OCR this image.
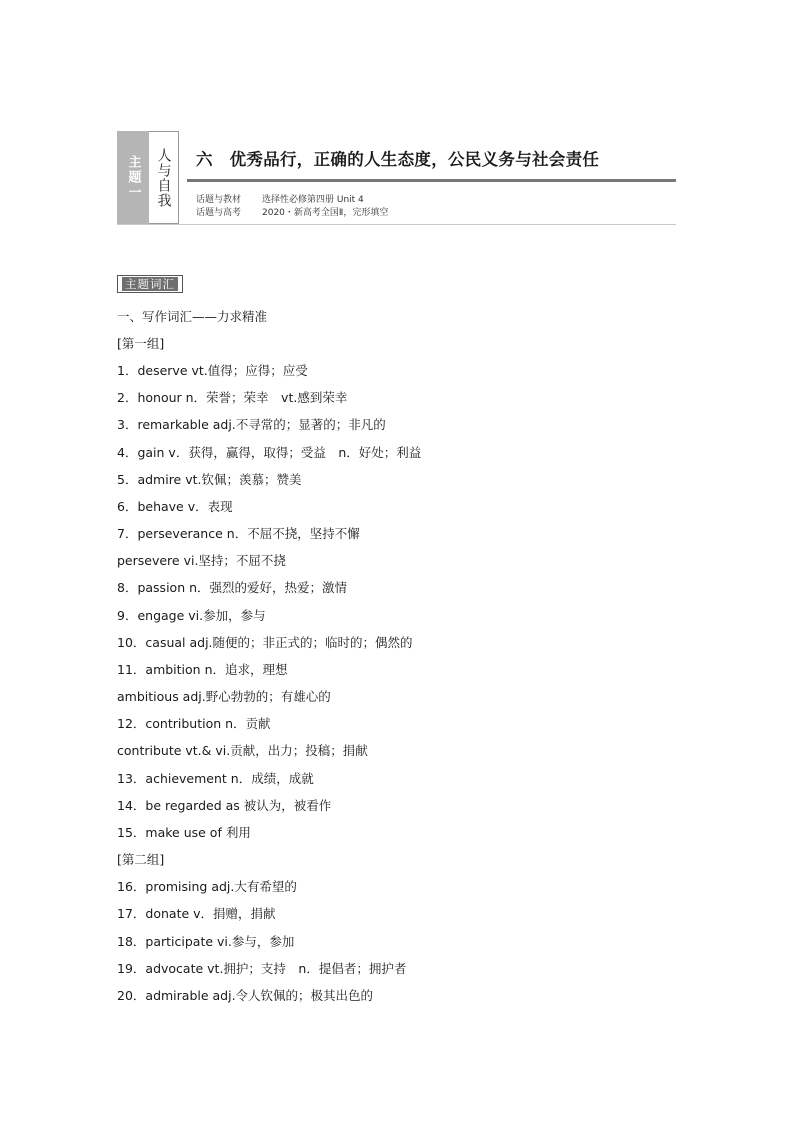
主题一	人与自我	六　优秀品行，正确的人生态度，公民义务与社会责任
话题与教材 选择性必修第四册 Unit 4
话题与高考 2020・新高考全国Ⅱ，完形填空
主题词汇
一、写作词汇——力求精准
[第一组]
1．deserve vt.值得；应得；应受
2．honour n．荣誉；荣幸　vt.感到荣幸
3．remarkable adj.不寻常的；显著的；非凡的
4．gain v．获得，赢得，取得；受益　n．好处；利益
5．admire vt.钦佩；羡慕；赞美
6．behave v．表现
7．perseverance n．不屈不挠，坚持不懈
persevere vi.坚持；不屈不挠
8．passion n．强烈的爱好，热爱；激情
9．engage vi.参加，参与
10．casual adj.随便的；非正式的；临时的；偶然的
11．ambition n．追求，理想
ambitious adj.野心勃勃的；有雄心的
12．contribution n．贡献
contribute vt.& vi.贡献，出力；投稿；捐献
13．achievement n．成绩，成就
14．be regarded as 被认为，被看作
15．make use of 利用
[第二组]
16．promising adj.大有希望的
17．donate v．捐赠，捐献
18．participate vi.参与，参加
19．advocate vt.拥护；支持　n．提倡者；拥护者
20．admirable adj.令人钦佩的；极其出色的
